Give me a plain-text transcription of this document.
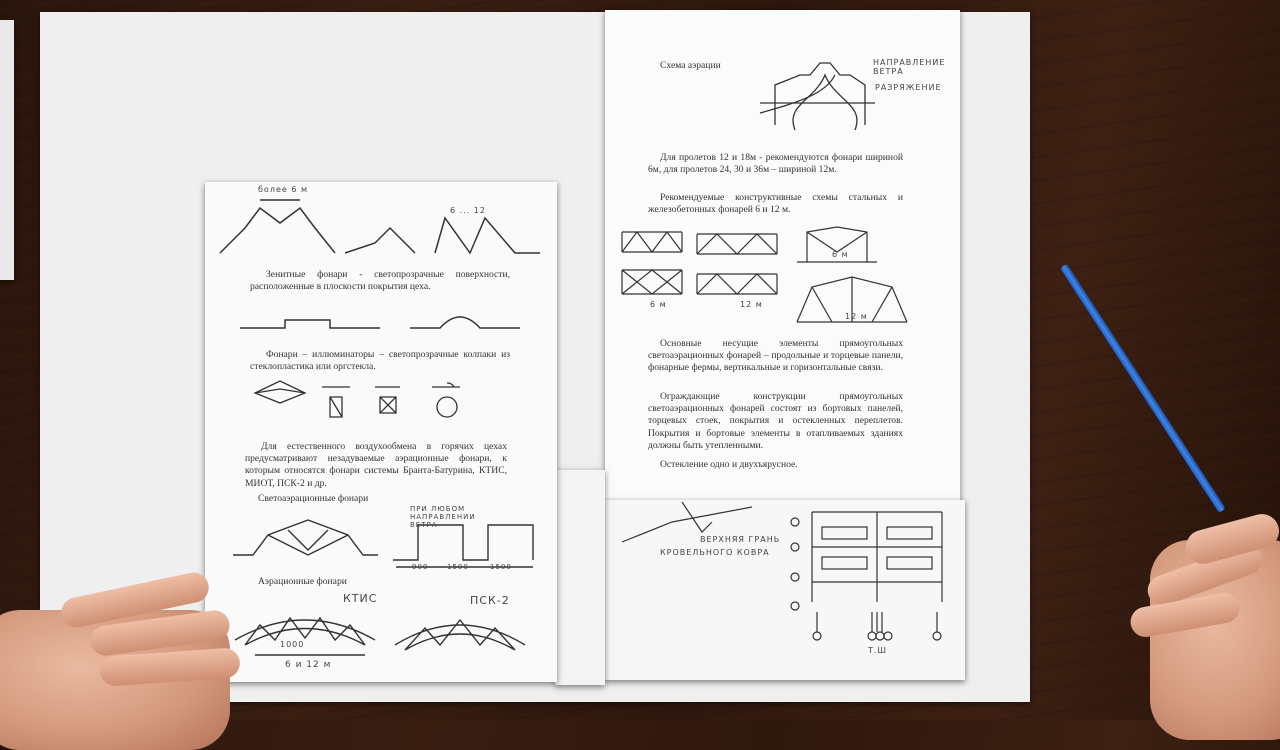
Схема аэрации	НАПРАВЛЕНИЕ ВЕТРА
РАЗРЯЖЕНИЕ
Для пролетов 12 и 18м - рекомендуются фонари шириной 6м, для пролетов 24, 30 и 36м – шириной 12м.
Рекомендуемые конструктивные схемы стальных и железобетонных фонарей 6 и 12 м.
6 м
6 м	12 м
12 м
Основные несущие элементы прямоугольных светоаэрационных фонарей – продольные и торцевые панели, фонарные фермы, вертикальные и горизонтальные связи.
Ограждающие конструкции прямоугольных светоаэрационных фонарей состоят из бортовых панелей, торцевых стоек, покрытия и остекленных переплетов. Покрытия и бортовые элементы в отапливаемых зданиях должны быть утепленными.
Остекление одно и двухъярусное.
ВЕРХНЯЯ ГРАНЬ
КРОВЕЛЬНОГО КОВРА
Т.Ш
более 6 м
6 ... 12
Зенитные фонари - светопрозрачные поверхности, расположенные в плоскости покрытия цеха.
Фонари – иллюминаторы – светопрозрачные колпаки из стеклопластика или оргстекла.
Для естественного воздухообмена в горячих цехах предусматривают незадуваемые аэрационные фонари, к которым относятся фонари системы Бранта-Батурина, КТИС, МИОТ, ПСК-2 и др.
Светоаэрационные фонари
ПРИ ЛЮБОМ НАПРАВЛЕНИИ ВЕТРА
900	1500	1500
Аэрационные фонари
КТИС	ПСК-2
1000
6 и 12 м
